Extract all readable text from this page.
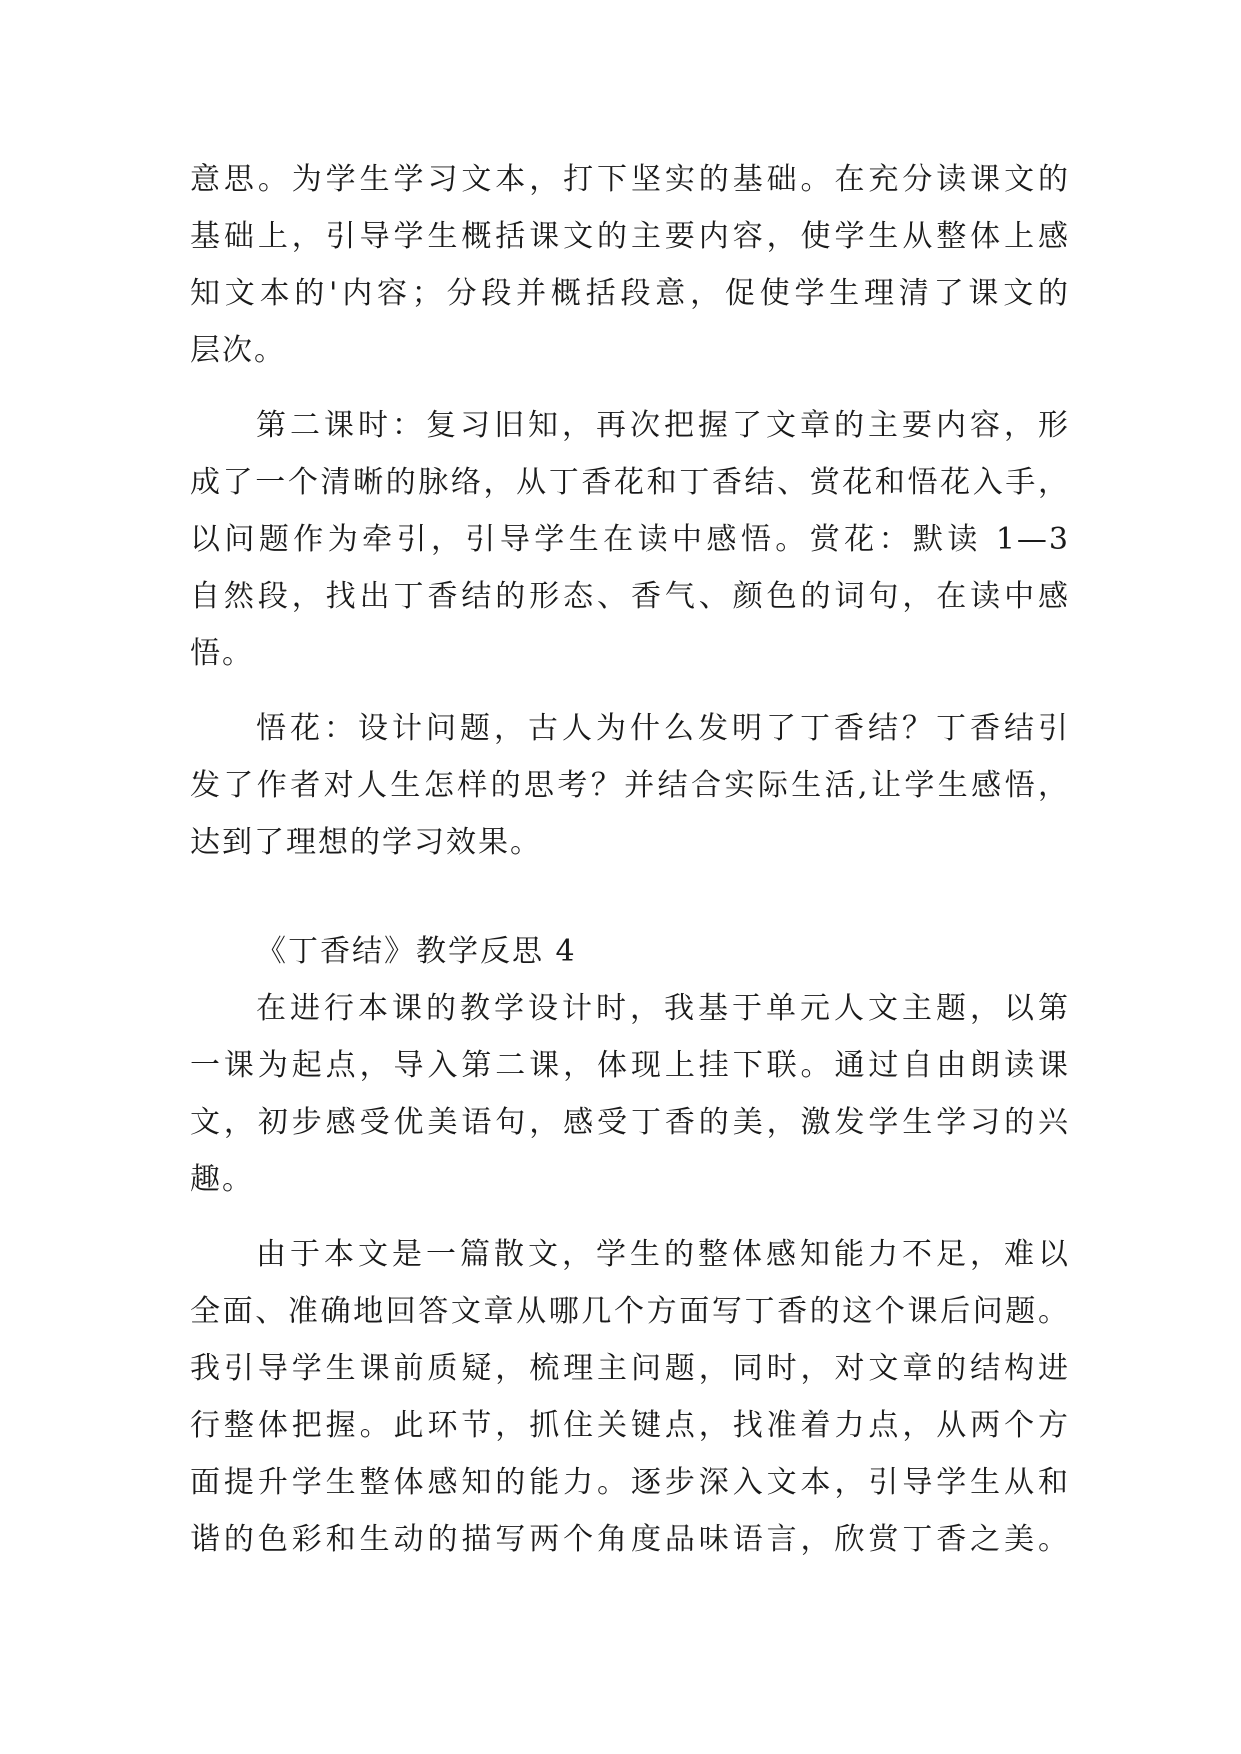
意思。为学生学习文本，打下坚实的基础。在充分读课文的
基础上，引导学生概括课文的主要内容，使学生从整体上感
知文本的'内容；分段并概括段意，促使学生理清了课文的
层次。
第二课时：复习旧知，再次把握了文章的主要内容，形
成了一个清晰的脉络，从丁香花和丁香结、赏花和悟花入手，
以问题作为牵引，引导学生在读中感悟。赏花：默读 1—3
自然段，找出丁香结的形态、香气、颜色的词句，在读中感
悟。
悟花：设计问题，古人为什么发明了丁香结？丁香结引
发了作者对人生怎样的思考？并结合实际生活,让学生感悟，
达到了理想的学习效果。
《丁香结》教学反思 4
在进行本课的教学设计时，我基于单元人文主题，以第
一课为起点，导入第二课，体现上挂下联。通过自由朗读课
文，初步感受优美语句，感受丁香的美，激发学生学习的兴
趣。
由于本文是一篇散文，学生的整体感知能力不足，难以
全面、准确地回答文章从哪几个方面写丁香的这个课后问题。
我引导学生课前质疑，梳理主问题，同时，对文章的结构进
行整体把握。此环节，抓住关键点，找准着力点，从两个方
面提升学生整体感知的能力。逐步深入文本，引导学生从和
谐的色彩和生动的描写两个角度品味语言，欣赏丁香之美。
